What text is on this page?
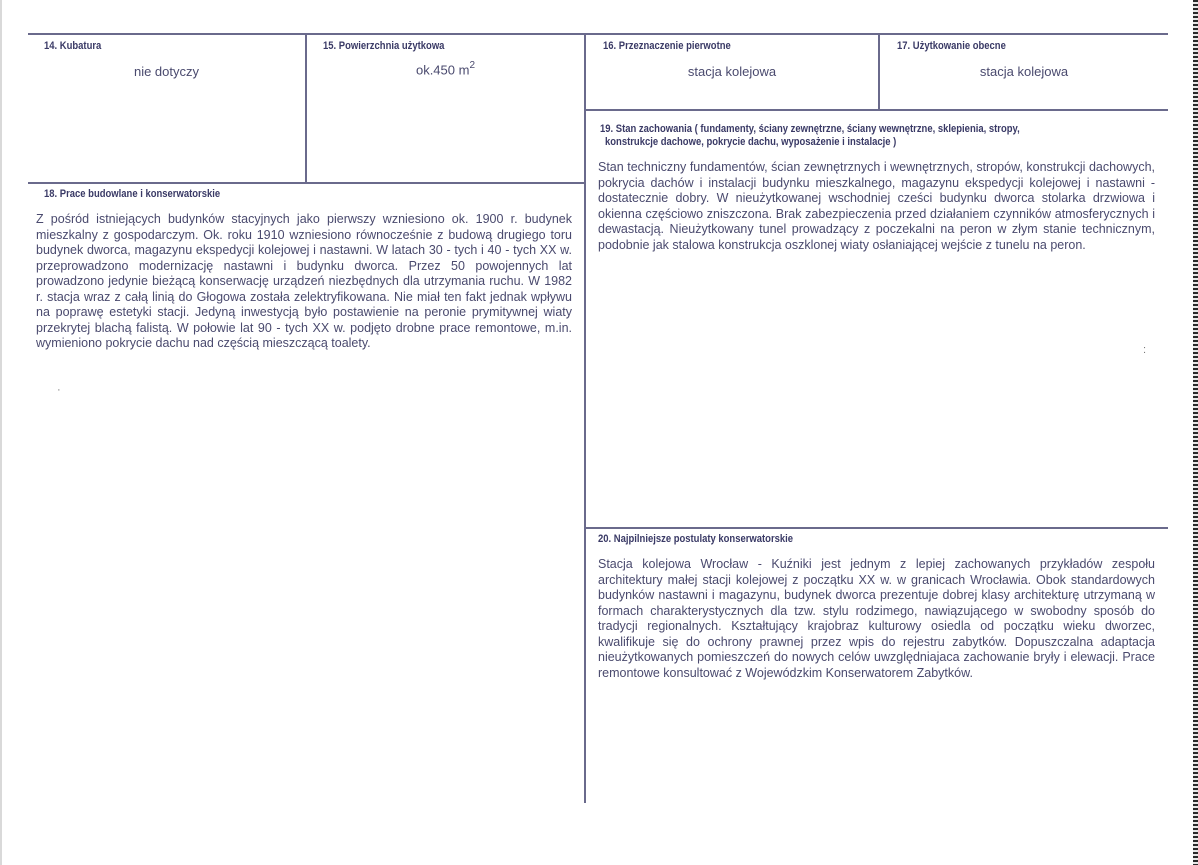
14. Kubatura
nie dotyczy
15. Powierzchnia użytkowa
ok.450 $m^2$
16. Przeznaczenie pierwotne
stacja kolejowa
17. Użytkowanie obecne
stacja kolejowa
19. Stan zachowania ( fundamenty, ściany zewnętrzne, ściany wewnętrzne, sklepienia, stropy,
konstrukcje dachowe, pokrycie dachu, wyposażenie i instalacje )

Stan techniczny fundamentów, ścian zewnętrznych i wewnętrznych, stropów, konstrukcji dachowych, pokrycia dachów i instalacji budynku mieszkalnego, magazynu ekspedycji kolejowej i nastawni - dostatecznie dobry. W nieużytkowanej wschodniej cześci budynku dworca stolarka drzwiowa i okienna częściowo zniszczona. Brak zabezpieczenia przed działaniem czynników atmosferycznych i dewastacją. Nieużytkowany tunel prowadzący z poczekalni na peron w złym stanie technicznym, podobnie jak stalowa konstrukcja oszklonej wiaty osłaniającej wejście z tunelu na peron.

18. Prace budowlane i konserwatorskie

Z pośród istniejących budynków stacyjnych jako pierwszy wzniesiono ok. 1900 r. budynek mieszkalny z gospodarczym. Ok. roku 1910 wzniesiono równocześnie z budową drugiego toru budynek dworca, magazynu ekspedycji kolejowej i nastawni. W latach 30 - tych i 40 - tych XX w. przeprowadzono modernizację nastawni i budynku dworca. Przez 50 powojennych lat prowadzono jedynie bieżącą konserwację urządzeń niezbędnych dla utrzymania ruchu. W 1982 r. stacja wraz z całą linią do Głogowa została zelektryfikowana. Nie miał ten fakt jednak wpływu na poprawę estetyki stacji. Jedyną inwestycją było postawienie na peronie prymitywnej wiaty przekrytej blachą falistą. W połowie lat 90 - tych XX w. podjęto drobne prace remontowe, m.in. wymieniono pokrycie dachu nad częścią mieszczącą toalety.

20. Najpilniejsze postulaty konserwatorskie

Stacja kolejowa Wrocław - Kuźniki jest jednym z lepiej zachowanych przykładów zespołu architektury małej stacji kolejowej z początku XX w. w granicach Wrocławia. Obok standardowych budynków nastawni i magazynu, budynek dworca prezentuje dobrej klasy architekturę utrzymaną w formach charakterystycznych dla tzw. stylu rodzimego, nawiązującego w swobodny sposób do tradycji regionalnych. Kształtujący krajobraz kulturowy osiedla od początku wieku dworzec, kwalifikuje się do ochrony prawnej przez wpis do rejestru zabytków. Dopuszczalna adaptacja nieużytkowanych pomieszczeń do nowych celów uwzględniajaca zachowanie bryły i elewacji. Prace remontowe konsultować z Wojewódzkim Konserwatorem Zabytków.

·
:
